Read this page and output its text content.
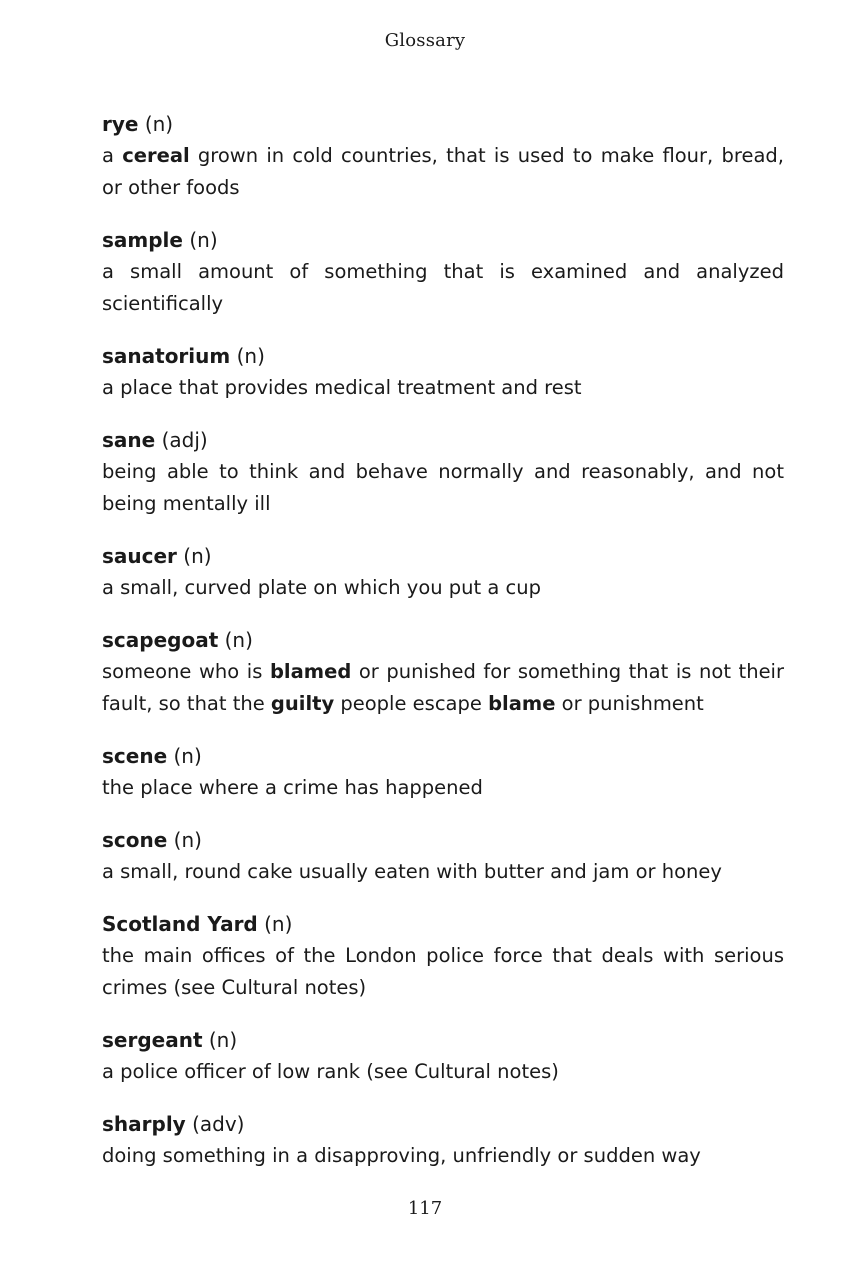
Glossary
rye (n)
a cereal grown in cold countries, that is used to make flour, bread, or other foods
sample (n)
a small amount of something that is examined and analyzed scientifically
sanatorium (n)
a place that provides medical treatment and rest
sane (adj)
being able to think and behave normally and reasonably, and not being mentally ill
saucer (n)
a small, curved plate on which you put a cup
scapegoat (n)
someone who is blamed or punished for something that is not their fault, so that the guilty people escape blame or punishment
scene (n)
the place where a crime has happened
scone (n)
a small, round cake usually eaten with butter and jam or honey
Scotland Yard (n)
the main offices of the London police force that deals with serious crimes (see Cultural notes)
sergeant (n)
a police officer of low rank (see Cultural notes)
sharply (adv)
doing something in a disapproving, unfriendly or sudden way
117
